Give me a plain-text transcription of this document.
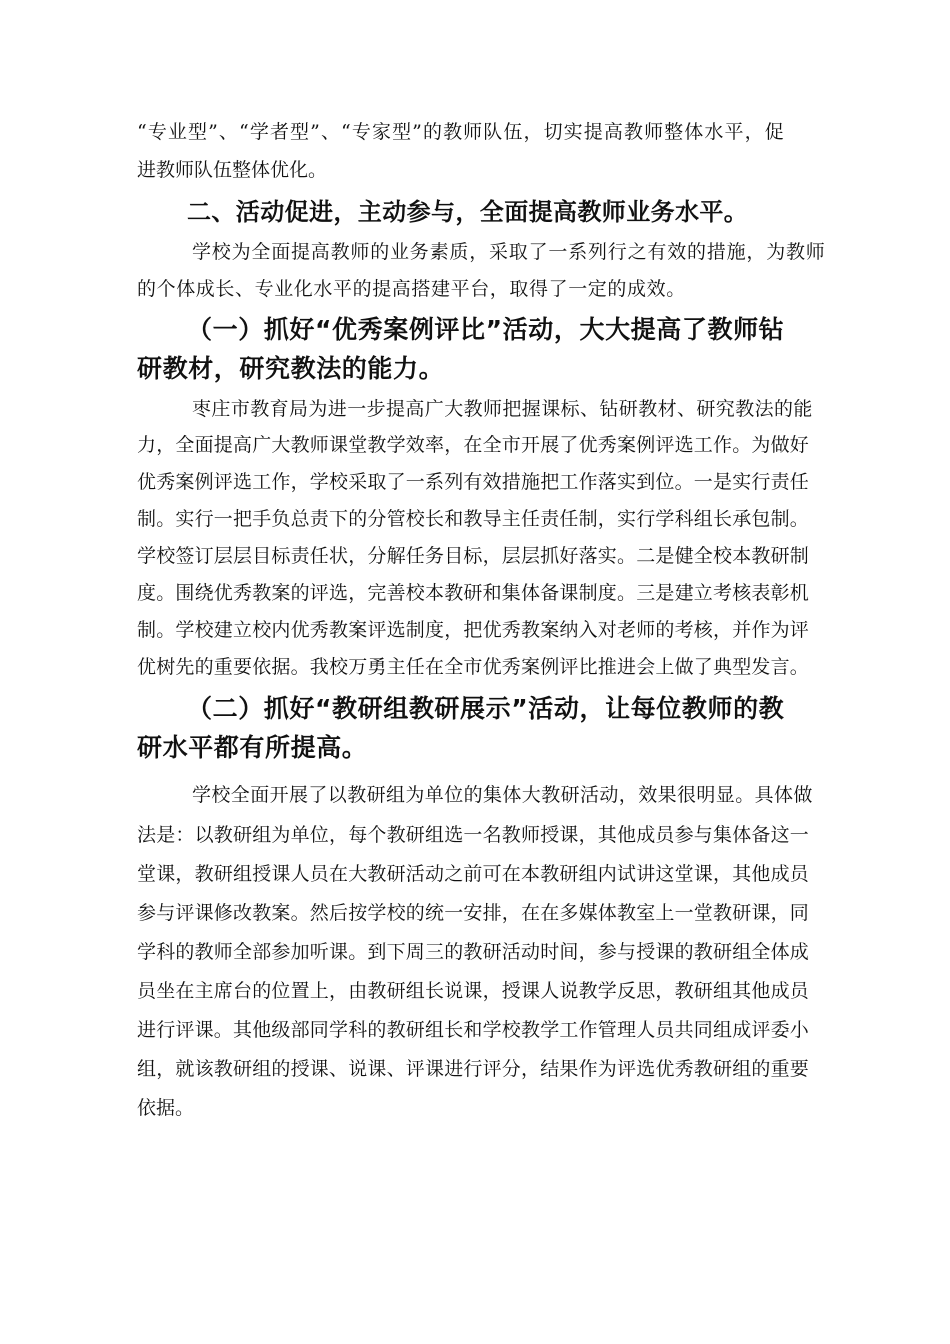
“专业型”、“学者型”、“专家型”的教师队伍，切实提高教师整体水平，促
进教师队伍整体优化。
二、活动促进，主动参与，全面提高教师业务水平。
学校为全面提高教师的业务素质，采取了一系列行之有效的措施，为教师
的个体成长、专业化水平的提高搭建平台，取得了一定的成效。
（一）抓好“优秀案例评比”活动，大大提高了教师钻
研教材，研究教法的能力。
枣庄市教育局为进一步提高广大教师把握课标、钻研教材、研究教法的能
力，全面提高广大教师课堂教学效率，在全市开展了优秀案例评选工作。为做好
优秀案例评选工作，学校采取了一系列有效措施把工作落实到位。一是实行责任
制。实行一把手负总责下的分管校长和教导主任责任制，实行学科组长承包制。
学校签订层层目标责任状，分解任务目标，层层抓好落实。二是健全校本教研制
度。围绕优秀教案的评选，完善校本教研和集体备课制度。三是建立考核表彰机
制。学校建立校内优秀教案评选制度，把优秀教案纳入对老师的考核，并作为评
优树先的重要依据。我校万勇主任在全市优秀案例评比推进会上做了典型发言。
（二）抓好“教研组教研展示”活动，让每位教师的教
研水平都有所提高。
学校全面开展了以教研组为单位的集体大教研活动，效果很明显。具体做
法是：以教研组为单位，每个教研组选一名教师授课，其他成员参与集体备这一
堂课，教研组授课人员在大教研活动之前可在本教研组内试讲这堂课，其他成员
参与评课修改教案。然后按学校的统一安排，在在多媒体教室上一堂教研课，同
学科的教师全部参加听课。到下周三的教研活动时间，参与授课的教研组全体成
员坐在主席台的位置上，由教研组长说课，授课人说教学反思，教研组其他成员
进行评课。其他级部同学科的教研组长和学校教学工作管理人员共同组成评委小
组，就该教研组的授课、说课、评课进行评分，结果作为评选优秀教研组的重要
依据。
